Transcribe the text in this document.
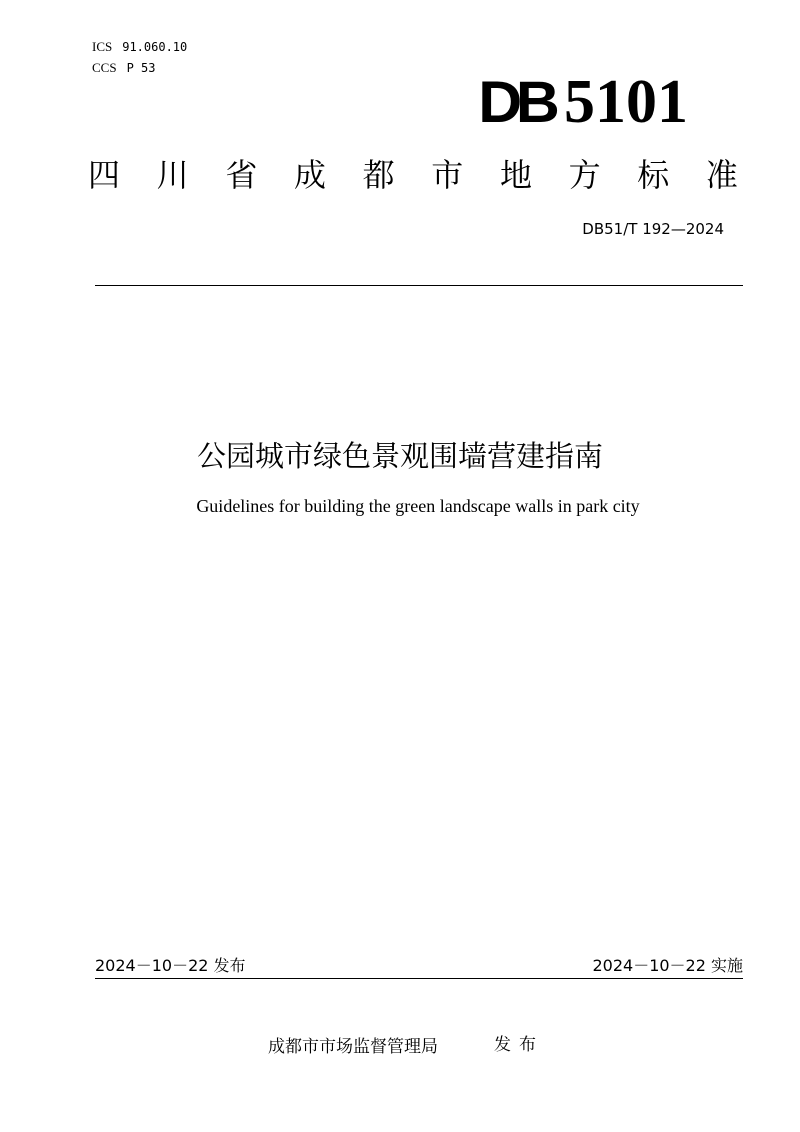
ICS 91.060.10
CCS P 53
DB 5101
四 川 省 成 都 市 地 方 标 准
DB51/T 192—2024
公园城市绿色景观围墙营建指南
Guidelines for building the green landscape walls in park city
2024－10－22 发布	2024－10－22 实施
成都市市场监督管理局	发布
